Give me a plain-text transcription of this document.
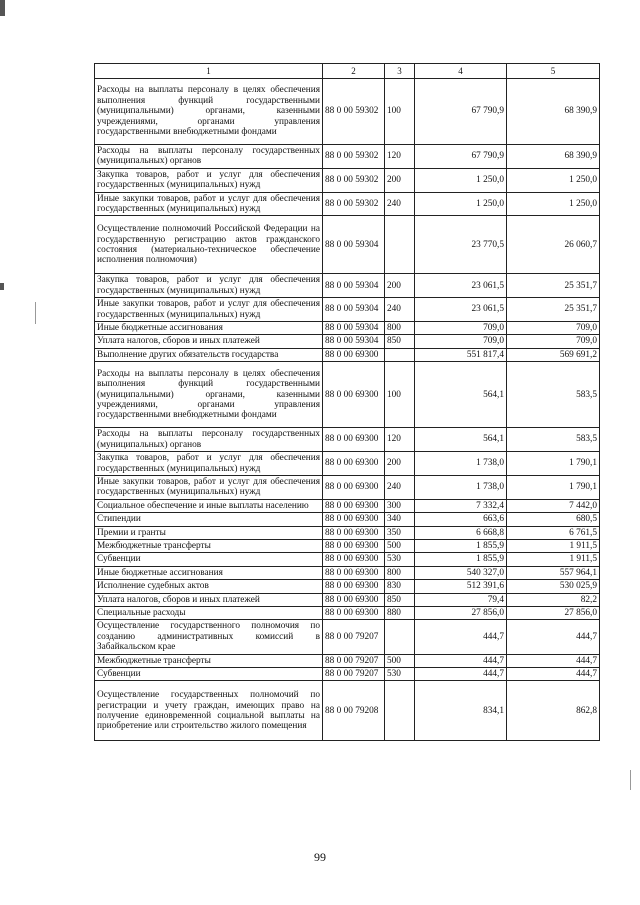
1	2	3	4	5
Расходы на выплаты персоналу в целях обеспечения выполнения функций государственными (муниципальными) органами, казенными учреждениями, органами управления государственными внебюджетными фондами	88 0 00 59302	100	67 790,9	68 390,9
Расходы на выплаты персоналу государственных (муниципальных) органов	88 0 00 59302	120	67 790,9	68 390,9
Закупка товаров, работ и услуг для обеспечения государственных (муниципальных) нужд	88 0 00 59302	200	1 250,0	1 250,0
Иные закупки товаров, работ и услуг для обеспечения государственных (муниципальных) нужд	88 0 00 59302	240	1 250,0	1 250,0
Осуществление полномочий Российской Федерации на государственную регистрацию актов гражданского состояния (материально-техническое обеспечение исполнения полномочия)	88 0 00 59304		23 770,5	26 060,7
Закупка товаров, работ и услуг для обеспечения государственных (муниципальных) нужд	88 0 00 59304	200	23 061,5	25 351,7
Иные закупки товаров, работ и услуг для обеспечения государственных (муниципальных) нужд	88 0 00 59304	240	23 061,5	25 351,7
Иные бюджетные ассигнования	88 0 00 59304	800	709,0	709,0
Уплата налогов, сборов и иных платежей	88 0 00 59304	850	709,0	709,0
Выполнение других обязательств государства	88 0 00 69300		551 817,4	569 691,2
Расходы на выплаты персоналу в целях обеспечения выполнения функций государственными (муниципальными) органами, казенными учреждениями, органами управления государственными внебюджетными фондами	88 0 00 69300	100	564,1	583,5
Расходы на выплаты персоналу государственных (муниципальных) органов	88 0 00 69300	120	564,1	583,5
Закупка товаров, работ и услуг для обеспечения государственных (муниципальных) нужд	88 0 00 69300	200	1 738,0	1 790,1
Иные закупки товаров, работ и услуг для обеспечения государственных (муниципальных) нужд	88 0 00 69300	240	1 738,0	1 790,1
Социальное обеспечение и иные выплаты населению	88 0 00 69300	300	7 332,4	7 442,0
Стипендии	88 0 00 69300	340	663,6	680,5
Премии и гранты	88 0 00 69300	350	6 668,8	6 761,5
Межбюджетные трансферты	88 0 00 69300	500	1 855,9	1 911,5
Субвенции	88 0 00 69300	530	1 855,9	1 911,5
Иные бюджетные ассигнования	88 0 00 69300	800	540 327,0	557 964,1
Исполнение судебных актов	88 0 00 69300	830	512 391,6	530 025,9
Уплата налогов, сборов и иных платежей	88 0 00 69300	850	79,4	82,2
Специальные расходы	88 0 00 69300	880	27 856,0	27 856,0
Осуществление государственного полномочия по созданию административных комиссий в Забайкальском крае	88 0 00 79207		444,7	444,7
Межбюджетные трансферты	88 0 00 79207	500	444,7	444,7
Субвенции	88 0 00 79207	530	444,7	444,7
Осуществление государственных полномочий по регистрации и учету граждан, имеющих право на получение единовременной социальной выплаты на приобретение или строительство жилого помещения	88 0 00 79208		834,1	862,8
99
